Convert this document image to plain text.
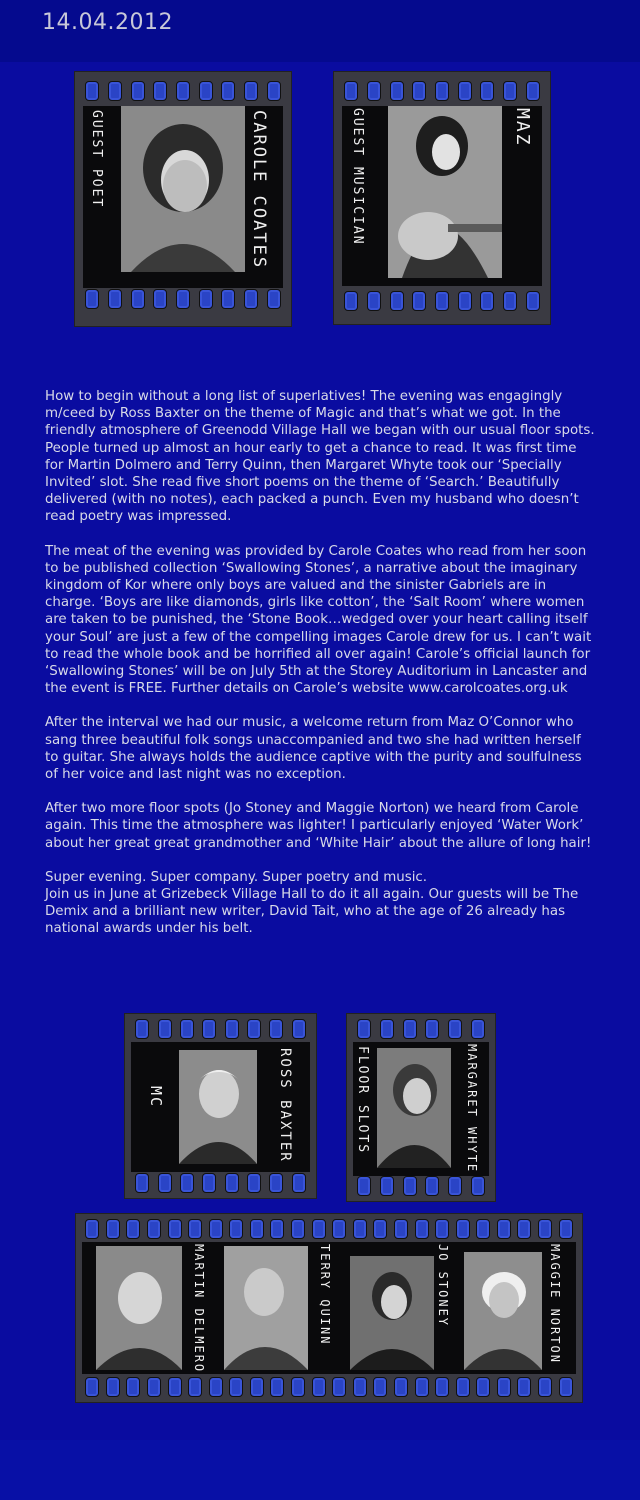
14.04.2012
GUEST POET	CAROLE COATES	GUEST MUSICIAN	MAZ

How to begin without a long list of superlatives! The evening was engagingly m/ceed by Ross Baxter on the theme of Magic and that’s what we got. In the friendly atmosphere of Greenodd Village Hall we began with our usual floor spots. People turned up almost an hour early to get a chance to read. It was first time for Martin Dolmero and Terry Quinn, then Margaret Whyte took our ‘Specially Invited’ slot. She read five short poems on the theme of ‘Search.’ Beautifully delivered (with no notes), each packed a punch. Even my husband who doesn’t read poetry was impressed.

The meat of the evening was provided by Carole Coates who read from her soon to be published collection ‘Swallowing Stones’, a narrative about the imaginary kingdom of Kor where only boys are valued and the sinister Gabriels are in charge. ‘Boys are like diamonds, girls like cotton’, the ‘Salt Room’ where women are taken to be punished, the ‘Stone Book…wedged over your heart calling itself your Soul’ are just a few of the compelling images Carole drew for us. I can’t wait to read the whole book and be horrified all over again! Carole’s official launch for ‘Swallowing Stones’ will be on July 5th at the Storey Auditorium in Lancaster and the event is FREE. Further details on Carole’s website www.carolcoates.org.uk

After the interval we had our music, a welcome return from Maz O’Connor who sang three beautiful folk songs unaccompanied and two she had written herself to guitar. She always holds the audience captive with the purity and soulfulness of her voice and last night was no exception.

After two more floor spots (Jo Stoney and Maggie Norton) we heard from Carole again. This time the atmosphere was lighter! I particularly enjoyed ‘Water Work’ about her great great grandmother and ‘White Hair’ about the allure of long hair!

Super evening. Super company. Super poetry and music.
Join us in June at Grizebeck Village Hall to do it all again. Our guests will be The Demix and a brilliant new writer, David Tait, who at the age of 26 already has national awards under his belt.

MC	ROSS BAXTER	FLOOR SLOTS	MARGARET WHYTE
MARTIN DELMERO	TERRY QUINN	JO STONEY	MAGGIE NORTON
